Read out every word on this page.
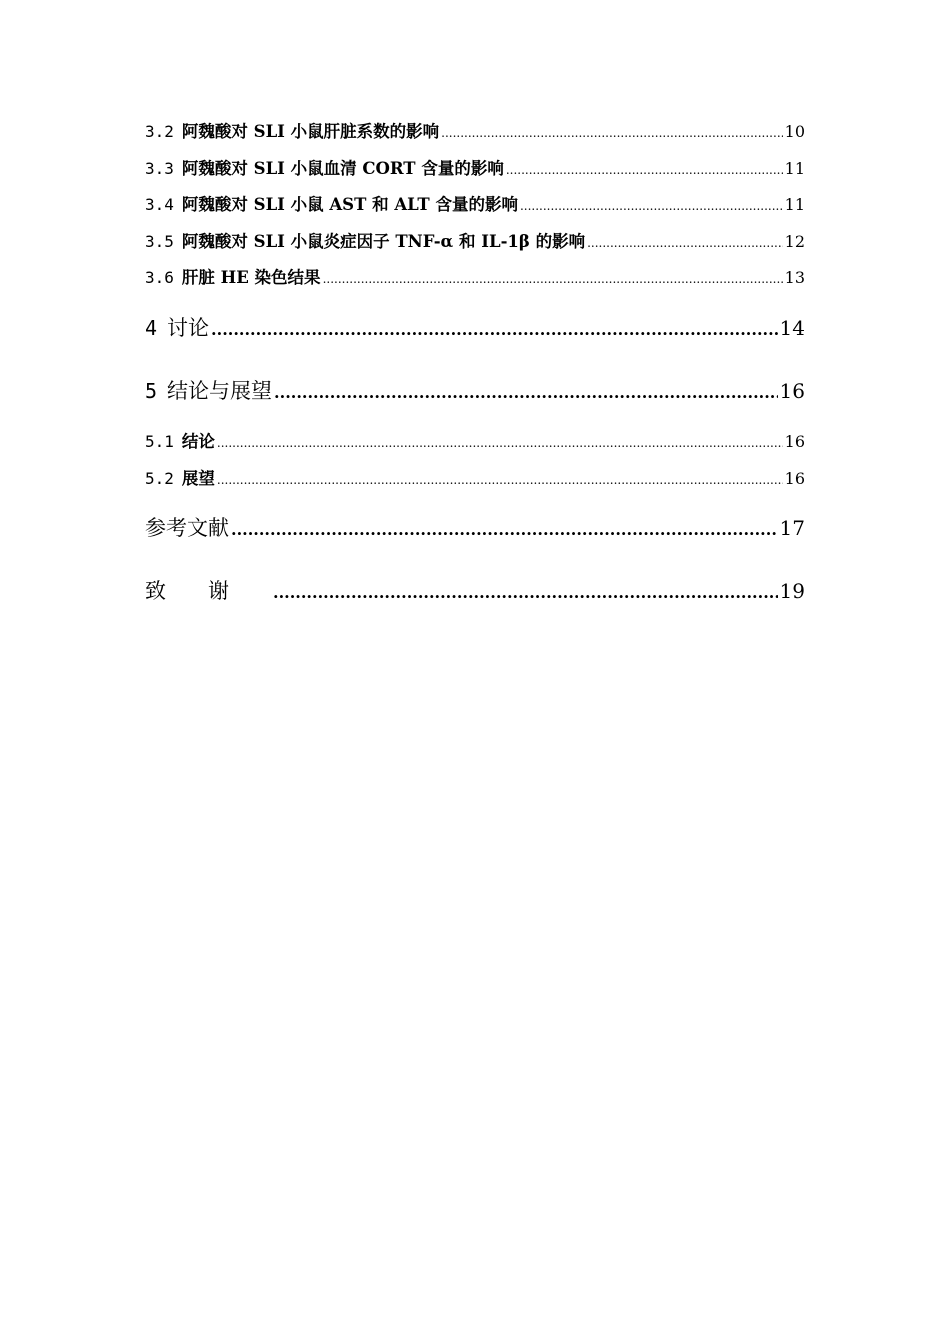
3.2 阿魏酸对 SLI 小鼠肝脏系数的影响 .....	10
3.3 阿魏酸对 SLI 小鼠血清 CORT 含量的影响 .....	11
3.4 阿魏酸对 SLI 小鼠 AST 和 ALT 含量的影响 .....	11
3.5 阿魏酸对 SLI 小鼠炎症因子 TNF-α 和 IL-1β 的影响 .....	12
3.6 肝脏 HE 染色结果 .....	13
4 讨论 .....	14
5 结论与展望 .....	16
5.1 结论 .....	16
5.2 展望 .....	16
参考文献 .....	17
致谢 .....	19
